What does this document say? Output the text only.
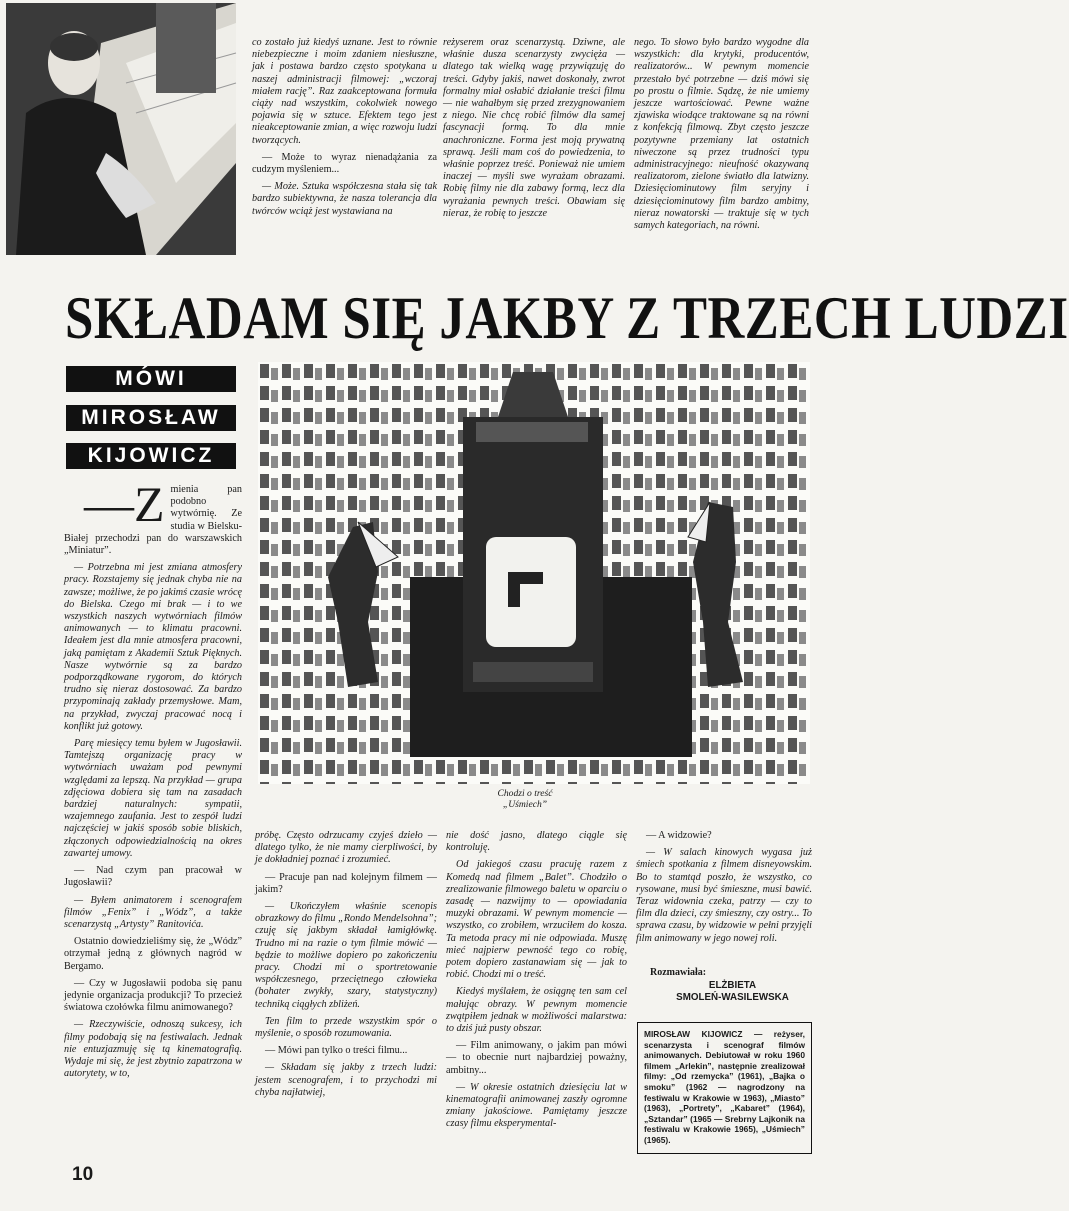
co zostało już kiedyś uznane. Jest to równie niebezpieczne i moim zdaniem niesłuszne, jak i postawa bardzo często spotykana u naszej administracji filmowej: „wczoraj miałem rację”. Raz zaakceptowana formuła ciąży nad wszystkim, cokolwiek nowego pojawia się w sztuce. Efektem tego jest nieakceptowanie zmian, a więc rozwoju ludzi tworzących.

— Może to wyraz nienadążania za cudzym myśleniem...

— Może. Sztuka współczesna stała się tak bardzo subiektywna, że nasza tolerancja dla twórców wciąż jest wystawiana na

reżyserem oraz scenarzystą. Dziwne, ale właśnie dusza scenarzysty zwycięża — dlatego tak wielką wagę przywiązuję do treści. Gdyby jakiś, nawet doskonały, zwrot formalny miał osłabić działanie treści filmu — nie wahałbym się przed zrezygnowaniem z niego. Nie chcę robić filmów dla samej fascynacji formą. To dla mnie anachroniczne. Forma jest moją prywatną sprawą. Jeśli mam coś do powiedzenia, to właśnie poprzez treść. Ponieważ nie umiem inaczej — myśli swe wyrażam obrazami. Robię filmy nie dla zabawy formą, lecz dla wyrażania pewnych treści. Obawiam się nieraz, że robię to jeszcze

nego. To słowo było bardzo wygodne dla wszystkich: dla krytyki, producentów, realizatorów... W pewnym momencie przestało być potrzebne — dziś mówi się po prostu o filmie. Sądzę, że nie umiemy jeszcze wartościować. Pewne ważne zjawiska wiodące traktowane są na równi z konfekcją filmową. Zbyt często jeszcze pozytywne przemiany lat ostatnich niweczone są przez trudności typu administracyjnego: nieufność okazywaną realizatorom, zielone światło dla latwizny. Dziesięciominutowy film seryjny i dziesięciominutowy film bardzo ambitny, nieraz nowatorski — traktuje się w tych samych kategoriach, na równi.

SKŁADAM SIĘ JAKBY Z TRZECH LUDZI
MÓWI
MIROSŁAW
KIJOWICZ

—Z mienia pan podobno wytwórnię. Ze studia w Bielsku-Białej przechodzi pan do warszawskich „Miniatur”.

— Potrzebna mi jest zmiana atmosfery pracy. Rozstajemy się jednak chyba nie na zawsze; możliwe, że po jakimś czasie wrócę do Bielska. Czego mi brak — i to we wszystkich naszych wytwórniach filmów animowanych — to klimatu pracowni. Ideałem jest dla mnie atmosfera pracowni, jaką pamiętam z Akademii Sztuk Pięknych. Nasze wytwórnie są za bardzo podporządkowane rygorom, do których trudno się nieraz dostosować. Za bardzo przypominają zakłady przemysłowe. Mam, na przykład, zwyczaj pracować nocą i konflikt już gotowy.

Parę miesięcy temu byłem w Jugosławii. Tamtejszą organizację pracy w wytwórniach uważam pod pewnymi względami za lepszą. Na przykład — grupa zdjęciowa dobiera się tam na zasadach bardziej naturalnych: sympatii, wzajemnego zaufania. Jest to zespół ludzi najczęściej w jakiś sposób sobie bliskich, złączonych odpowiedzialnością na okres zawartej umowy.

— Nad czym pan pracował w Jugosławii?

— Byłem animatorem i scenografem filmów „Fenix” i „Wódz”, a także scenarzystą „Artysty” Ranitovića.

Ostatnio dowiedzieliśmy się, że „Wódz” otrzymał jedną z głównych nagród w Bergamo.

— Czy w Jugosławii podoba się panu jedynie organizacja produkcji? To przecież światowa czołówka filmu animowanego?

— Rzeczywiście, odnoszą sukcesy, ich filmy podobają się na festiwalach. Jednak nie entuzjazmuję się tą kinematografią. Wydaje mi się, że jest zbytnio zapatrzona w autorytety, w to,

Chodzi o treść
„Uśmiech”

próbę. Często odrzucamy czyjeś dzieło — dlatego tylko, że nie mamy cierpliwości, by je dokładniej poznać i zrozumieć.

— Pracuje pan nad kolejnym filmem — jakim?

— Ukończyłem właśnie scenopis obrazkowy do filmu „Rondo Mendelsohna”; czuję się jakbym składał łamigłówkę. Trudno mi na razie o tym filmie mówić — będzie to możliwe dopiero po zakończeniu pracy. Chodzi mi o sportretowanie współczesnego, przeciętnego człowieka (bohater zwykły, szary, statystyczny) techniką ciągłych zbliżeń.

Ten film to przede wszystkim spór o myślenie, o sposób rozumowania.

— Mówi pan tylko o treści filmu...

— Składam się jakby z trzech ludzi: jestem scenografem, i to przychodzi mi chyba najłatwiej,

nie dość jasno, dlatego ciągle się kontroluję.

Od jakiegoś czasu pracuję razem z Komedą nad filmem „Balet”. Chodziło o zrealizowanie filmowego baletu w oparciu o zasadę — nazwijmy to — opowiadania muzyki obrazami. W pewnym momencie — wszystko, co zrobiłem, wrzuciłem do kosza. Ta metoda pracy mi nie odpowiada. Muszę mieć najpierw pewność tego co robię, potem dopiero zastanawiam się — jak to robić. Chodzi mi o treść.

Kiedyś myślałem, że osiągnę ten sam cel małując obrazy. W pewnym momencie zwątpiłem jednak w możliwości malarstwa: to dziś już pusty obszar.

— Film animowany, o jakim pan mówi — to obecnie nurt najbardziej poważny, ambitny...

— W okresie ostatnich dziesięciu lat w kinematografii animowanej zaszły ogromne zmiany jakościowe. Pamiętamy jeszcze czasy filmu eksperymental-

— A widzowie?

— W salach kinowych wygasa już śmiech spotkania z filmem disneyowskim. Bo to stamtąd poszło, że wszystko, co rysowane, musi być śmieszne, musi bawić. Teraz widownia czeka, patrzy — czy to film dla dzieci, czy śmieszny, czy ostry... To sprawa czasu, by widzowie w pełni przyjęli film animowany w jego nowej roli.

Rozmawiała:
ELŻBIETA
SMOLEŃ-WASILEWSKA
MIROSŁAW KIJOWICZ — reżyser, scenarzysta i scenograf filmów animowanych. Debiutował w roku 1960 filmem „Arlekin”, następnie zrealizował filmy: „Od rzemycka” (1961), „Bajka o smoku” (1962 — nagrodzony na festiwalu w Krakowie w 1963), „Miasto” (1963), „Portrety”, „Kabaret” (1964), „Sztandar” (1965 — Srebrny Lajkonik na festiwalu w Krakowie 1965), „Uśmiech” (1965).
10
